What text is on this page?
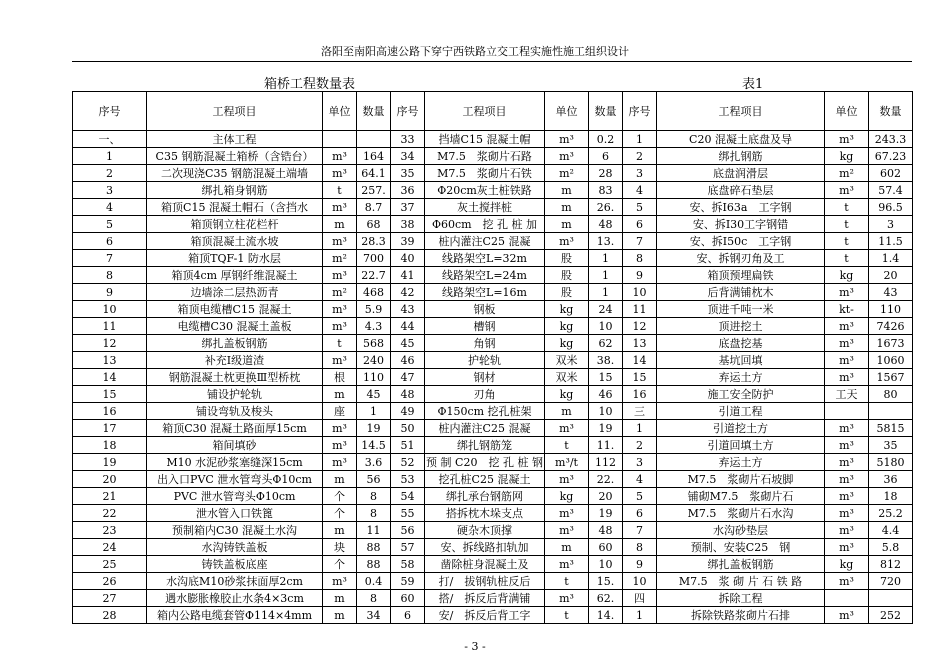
洛阳至南阳高速公路下穿宁西铁路立交工程实施性施工组织设计
箱桥工程数量表	表1
序号	工程项目	单位	数量	序号	工程项目	单位	数量	序号	工程项目	单位	数量
一、	主体工程			33	挡墙C15 混凝土帽	m³	0.2	1	C20 混凝土底盘及导	m³	243.3
1	C35 钢筋混凝土箱桥（含锆台）	m³	164	34	M7.5　浆砌片石路	m³	6	2	绑扎钢筋	kg	67.23
2	二次现浇C35 钢筋混凝土端墙	m³	64.1	35	M7.5　浆砌片石铁	m²	28	3	底盘润滑层	m²	602
3	绑扎箱身钢筋	t	257.	36	Φ20cm灰土桩铁路	m	83	4	底盘碎石垫层	m³	57.4
4	箱顶C15 混凝土帽石（含挡水	m³	8.7	37	灰土搅拌桩	m	26.	5	安、拆Ⅰ63a　工字钢	t	96.5
5	箱顶钢立柱花栏杆	m	68	38	Φ60cm　挖 孔 桩 加	m	48	6	安、拆Ⅰ30工字钢错	t	3
6	箱顶混凝土流水坡	m³	28.3	39	桩内灌注C25 混凝	m³	13.	7	安、拆Ⅰ50c　工字钢	t	11.5
7	箱顶TQF-1 防水层	m²	700	40	线路架空L=32m	股	1	8	安、拆钢刃角及工	t	1.4
8	箱顶4cm 厚钢纤维混凝土	m³	22.7	41	线路架空L=24m	股	1	9	箱顶预埋扁铁	kg	20
9	边墙涂二层热沥青	m²	468	42	线路架空L=16m	股	1	10	后背满铺枕木	m³	43
10	箱顶电缆槽C15 混凝土	m³	5.9	43	钢板	kg	24	11	顶进千吨一米	kt-	110
11	电缆槽C30 混凝土盖板	m³	4.3	44	槽钢	kg	10	12	顶进挖土	m³	7426
12	绑扎盖板钢筋	t	568	45	角钢	kg	62	13	底盘挖基	m³	1673
13	补充Ⅰ级道渣	m³	240	46	护轮轨	双米	38.	14	基坑回填	m³	1060
14	钢筋混凝土枕更换Ⅲ型桥枕	根	110	47	钢材	双米	15	15	弃运土方	m³	1567
15	铺设护轮轨	m	45	48	刃角	kg	46	16	施工安全防护	工天	80
16	铺设弯轨及梭头	座	1	49	Φ150cm 挖孔桩架	m	10	三	引道工程		
17	箱顶C30 混凝土路面厚15cm	m³	19	50	桩内灌注C25 混凝	m³	19	1	引道挖土方	m³	5815
18	箱间填砂	m³	14.5	51	绑扎钢筋笼	t	11.	2	引道回填土方	m³	35
19	M10 水泥砂浆塞缝深15cm	m³	3.6	52	预 制 C20　挖 孔 桩 钢	m³/t	112	3	弃运土方	m³	5180
20	出入口PVC 泄水管弯头Φ10cm	m	56	53	挖孔桩C25 混凝土	m³	22.	4	M7.5　浆砌片石坡脚	m³	36
21	PVC 泄水管弯头Φ10cm	个	8	54	绑扎承台钢筋网	kg	20	5	铺砌M7.5　浆砌片石	m³	18
22	泄水管入口铁篦	个	8	55	搭拆枕木垛支点	m³	19	6	M7.5　浆砌片石水沟	m³	25.2
23	预制箱内C30 混凝土水沟	m	11	56	硬杂木顶撑	m³	48	7	水沟砂垫层	m³	4.4
24	水沟铸铁盖板	块	88	57	安、拆线路扣轨加	m	60	8	预制、安装C25　钢	m³	5.8
25	铸铁盖板底座	个	88	58	凿除桩身混凝土及	m³	10	9	绑扎盖板钢筋	kg	812
26	水沟底M10砂浆抹面厚2cm	m³	0.4	59	打/　拔钢轨桩反后	t	15.	10	M7.5　浆 砌 片 石 铁 路	m³	720
27	遇水膨胀橡胶止水条4×3cm	m	8	60	搭/　拆反后背满铺	m³	62.	四	拆除工程		
28	箱内公路电缆套管Φ114×4mm	m	34	6	安/　拆反后背工字	t	14.	1	拆除铁路浆砌片石排	m³	252
- 3 -
